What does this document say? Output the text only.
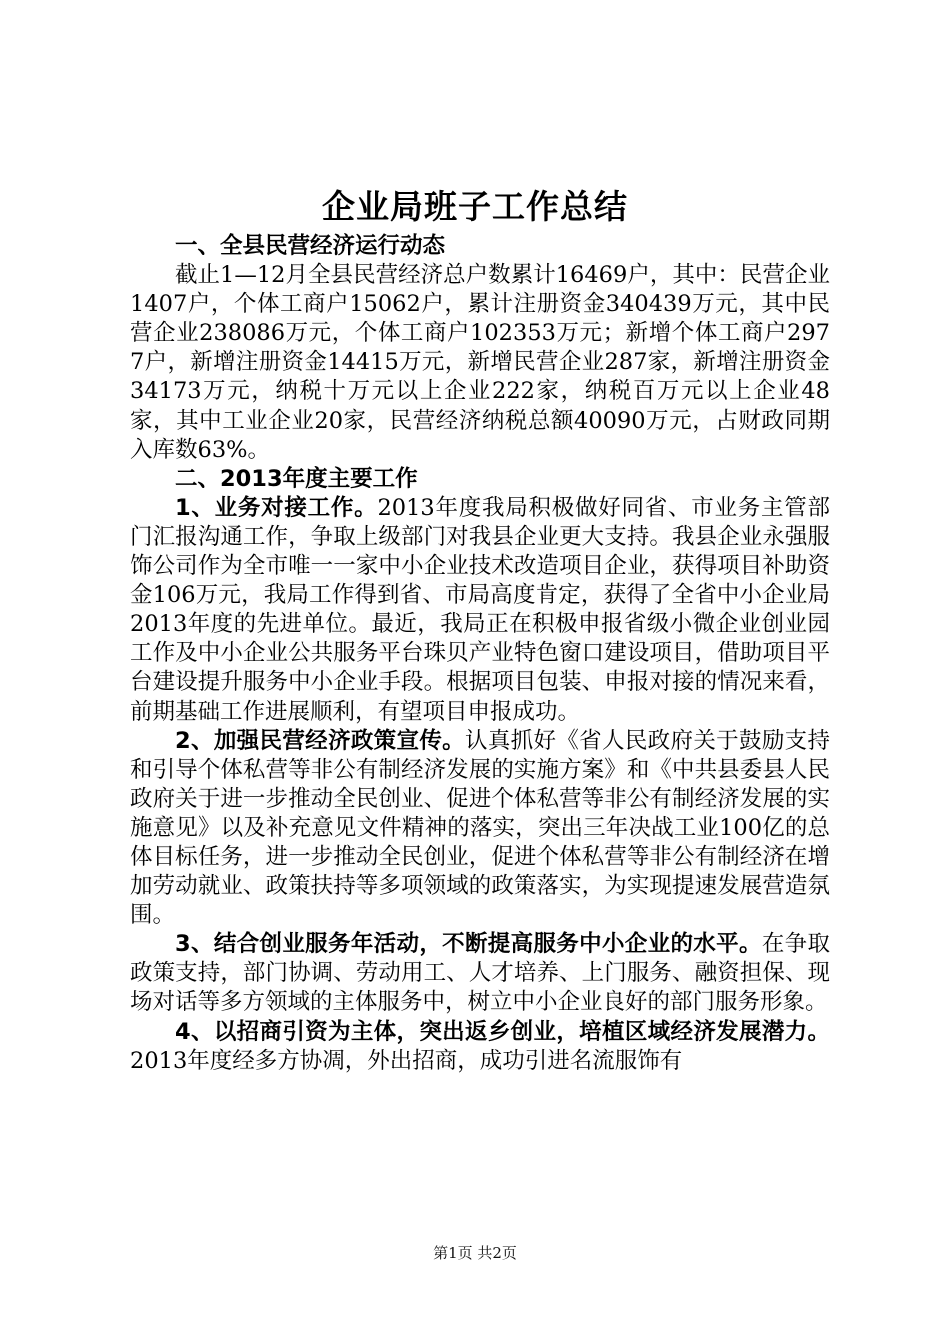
企业局班子工作总结

一、全县民营经济运行动态

截止1—12月全县民营经济总户数累计16469户，其中：民营企业1407户，个体工商户15062户，累计注册资金340439万元，其中民营企业238086万元，个体工商户102353万元；新增个体工商户2977户，新增注册资金14415万元，新增民营企业287家，新增注册资金34173万元，纳税十万元以上企业222家，纳税百万元以上企业48家，其中工业企业20家，民营经济纳税总额40090万元，占财政同期入库数63%。

二、2013年度主要工作

1、业务对接工作。2013年度我局积极做好同省、市业务主管部门汇报沟通工作，争取上级部门对我县企业更大支持。我县企业永强服饰公司作为全市唯一一家中小企业技术改造项目企业，获得项目补助资金106万元，我局工作得到省、市局高度肯定，获得了全省中小企业局2013年度的先进单位。最近，我局正在积极申报省级小微企业创业园工作及中小企业公共服务平台珠贝产业特色窗口建设项目，借助项目平台建设提升服务中小企业手段。根据项目包装、申报对接的情况来看，前期基础工作进展顺利，有望项目申报成功。

2、加强民营经济政策宣传。认真抓好《省人民政府关于鼓励支持和引导个体私营等非公有制经济发展的实施方案》和《中共县委县人民政府关于进一步推动全民创业、促进个体私营等非公有制经济发展的实施意见》以及补充意见文件精神的落实，突出三年决战工业100亿的总体目标任务，进一步推动全民创业，促进个体私营等非公有制经济在增加劳动就业、政策扶持等多项领域的政策落实，为实现提速发展营造氛围。

3、结合创业服务年活动，不断提高服务中小企业的水平。在争取政策支持，部门协调、劳动用工、人才培养、上门服务、融资担保、现场对话等多方领域的主体服务中，树立中小企业良好的部门服务形象。

4、以招商引资为主体，突出返乡创业，培植区域经济发展潜力。2013年度经多方协凋，外出招商，成功引进名流服饰有

第1页 共2页
